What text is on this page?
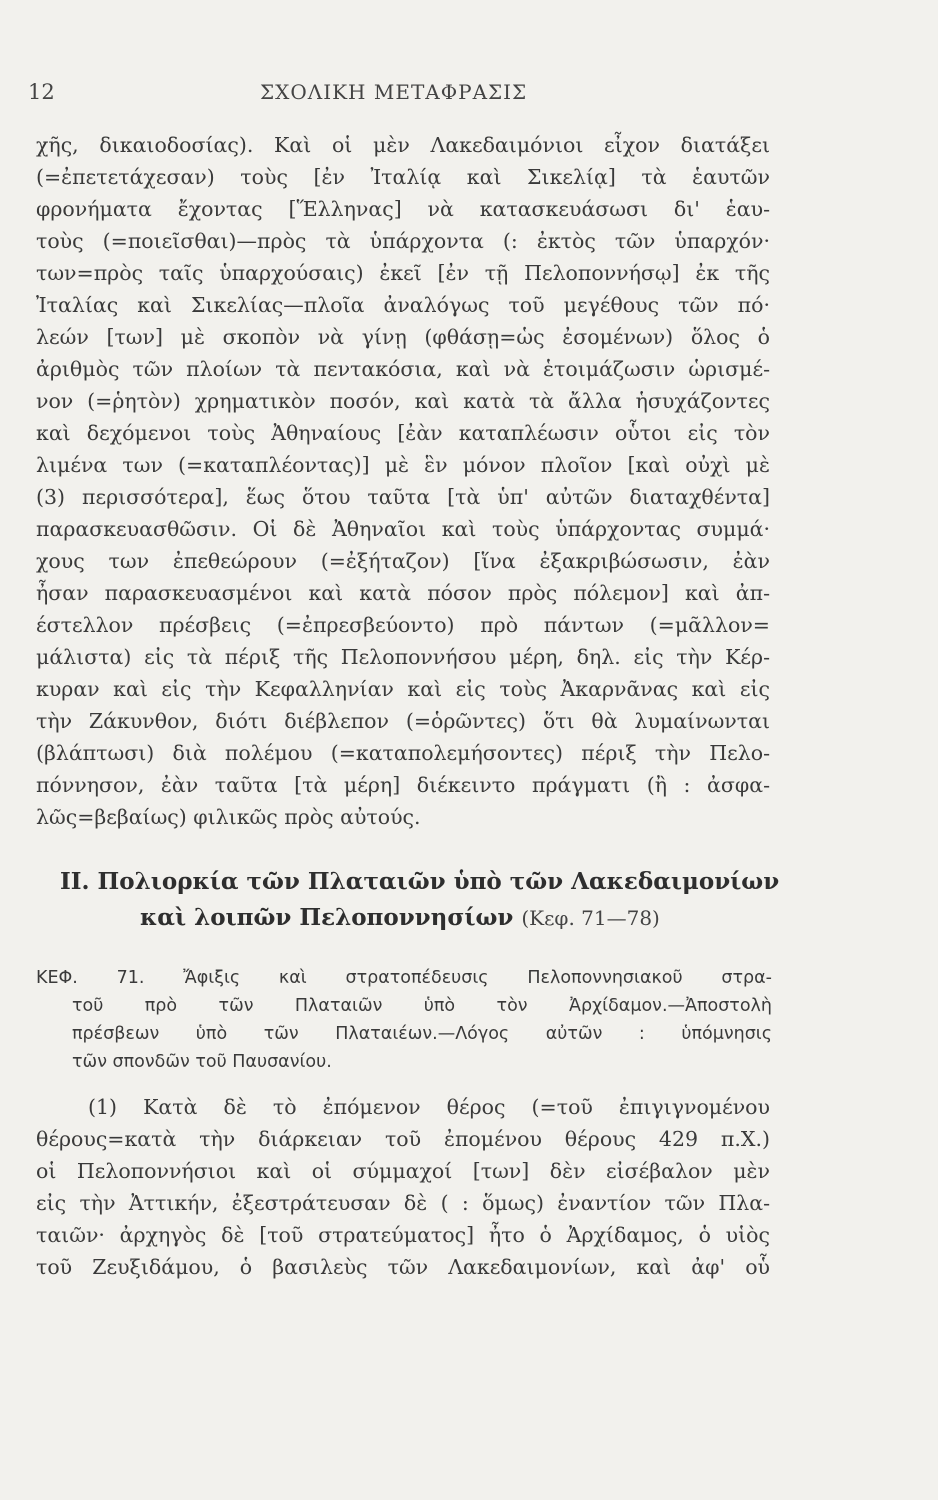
12	ΣΧΟΛΙΚΗ ΜΕΤΑΦΡΑΣΙΣ
χῆς, δικαιοδοσίας). Καὶ οἱ μὲν Λακεδαιμόνιοι εἶχον διατάξει
(=ἐπετετάχεσαν) τοὺς [ἐν Ἰταλίᾳ καὶ Σικελίᾳ] τὰ ἑαυτῶν
φρονήματα ἔχοντας [Ἕλληνας] νὰ κατασκευάσωσι δι' ἑαυ-
τοὺς (=ποιεῖσθαι)—πρὸς τὰ ὑπάρχοντα (: ἐκτὸς τῶν ὑπαρχόν·
των=πρὸς ταῖς ὑπαρχούσαις) ἐκεῖ [ἐν τῇ Πελοποννήσῳ] ἐκ τῆς
Ἰταλίας καὶ Σικελίας—πλοῖα ἀναλόγως τοῦ μεγέθους τῶν πό·
λεών [των] μὲ σκοπὸν νὰ γίνῃ (φθάσῃ=ὡς ἐσομένων) ὅλος ὁ
ἀριθμὸς τῶν πλοίων τὰ πεντακόσια, καὶ νὰ ἑτοιμάζωσιν ὡρισμέ-
νον (=ῥητὸν) χρηματικὸν ποσόν, καὶ κατὰ τὰ ἄλλα ἡσυχάζοντες
καὶ δεχόμενοι τοὺς Ἀθηναίους [ἐὰν καταπλέωσιν οὗτοι εἰς τὸν
λιμένα των (=καταπλέοντας)] μὲ ἓν μόνον πλοῖον [καὶ οὐχὶ μὲ
(3) περισσότερα], ἕως ὅτου ταῦτα [τὰ ὑπ' αὐτῶν διαταχθέντα]
παρασκευασθῶσιν. Οἱ δὲ Ἀθηναῖοι καὶ τοὺς ὑπάρχοντας συμμά·
χους των ἐπεθεώρουν (=ἐξήταζον) [ἵνα ἐξακριβώσωσιν, ἐὰν
ἦσαν παρασκευασμένοι καὶ κατὰ πόσον πρὸς πόλεμον] καὶ ἀπ-
έστελλον πρέσβεις (=ἐπρεσβεύοντο) πρὸ πάντων (=μᾶλλον=
μάλιστα) εἰς τὰ πέριξ τῆς Πελοποννήσου μέρη, δηλ. εἰς τὴν Κέρ-
κυραν καὶ εἰς τὴν Κεφαλληνίαν καὶ εἰς τοὺς Ἀκαρνᾶνας καὶ εἰς
τὴν Ζάκυνθον, διότι διέβλεπον (=ὁρῶντες) ὅτι θὰ λυμαίνωνται
(βλάπτωσι) διὰ πολέμου (=καταπολεμήσοντες) πέριξ τὴν Πελο-
πόννησον, ἐὰν ταῦτα [τὰ μέρη] διέκειντο πράγματι (ἢ : ἀσφα-
λῶς=βεβαίως) φιλικῶς πρὸς αὐτούς.
ΙΙ. Πολιορκία τῶν Πλαταιῶν ὑπὸ τῶν Λακεδαιμονίων
καὶ λοιπῶν Πελοποννησίων (Κεφ. 71—78)
ΚΕΦ. 71. Ἄφιξις καὶ στρατοπέδευσις Πελοποννησιακοῦ στρα-
τοῦ πρὸ τῶν Πλαταιῶν ὑπὸ τὸν Ἀρχίδαμον.—Ἀποστολὴ
πρέσβεων ὑπὸ τῶν Πλαταιέων.—Λόγος αὐτῶν : ὑπόμνησις
τῶν σπονδῶν τοῦ Παυσανίου.
(1) Κατὰ δὲ τὸ ἐπόμενον θέρος (=τοῦ ἐπιγιγνομένου
θέρους=κατὰ τὴν διάρκειαν τοῦ ἐπομένου θέρους 429 π.Χ.)
οἱ Πελοποννήσιοι καὶ οἱ σύμμαχοί [των] δὲν εἰσέβαλον μὲν
εἰς τὴν Ἀττικήν, ἐξεστράτευσαν δὲ ( : ὅμως) ἐναντίον τῶν Πλα-
ταιῶν· ἀρχηγὸς δὲ [τοῦ στρατεύματος] ἦτο ὁ Ἀρχίδαμος, ὁ υἱὸς
τοῦ Ζευξιδάμου, ὁ βασιλεὺς τῶν Λακεδαιμονίων, καὶ ἀφ' οὗ
